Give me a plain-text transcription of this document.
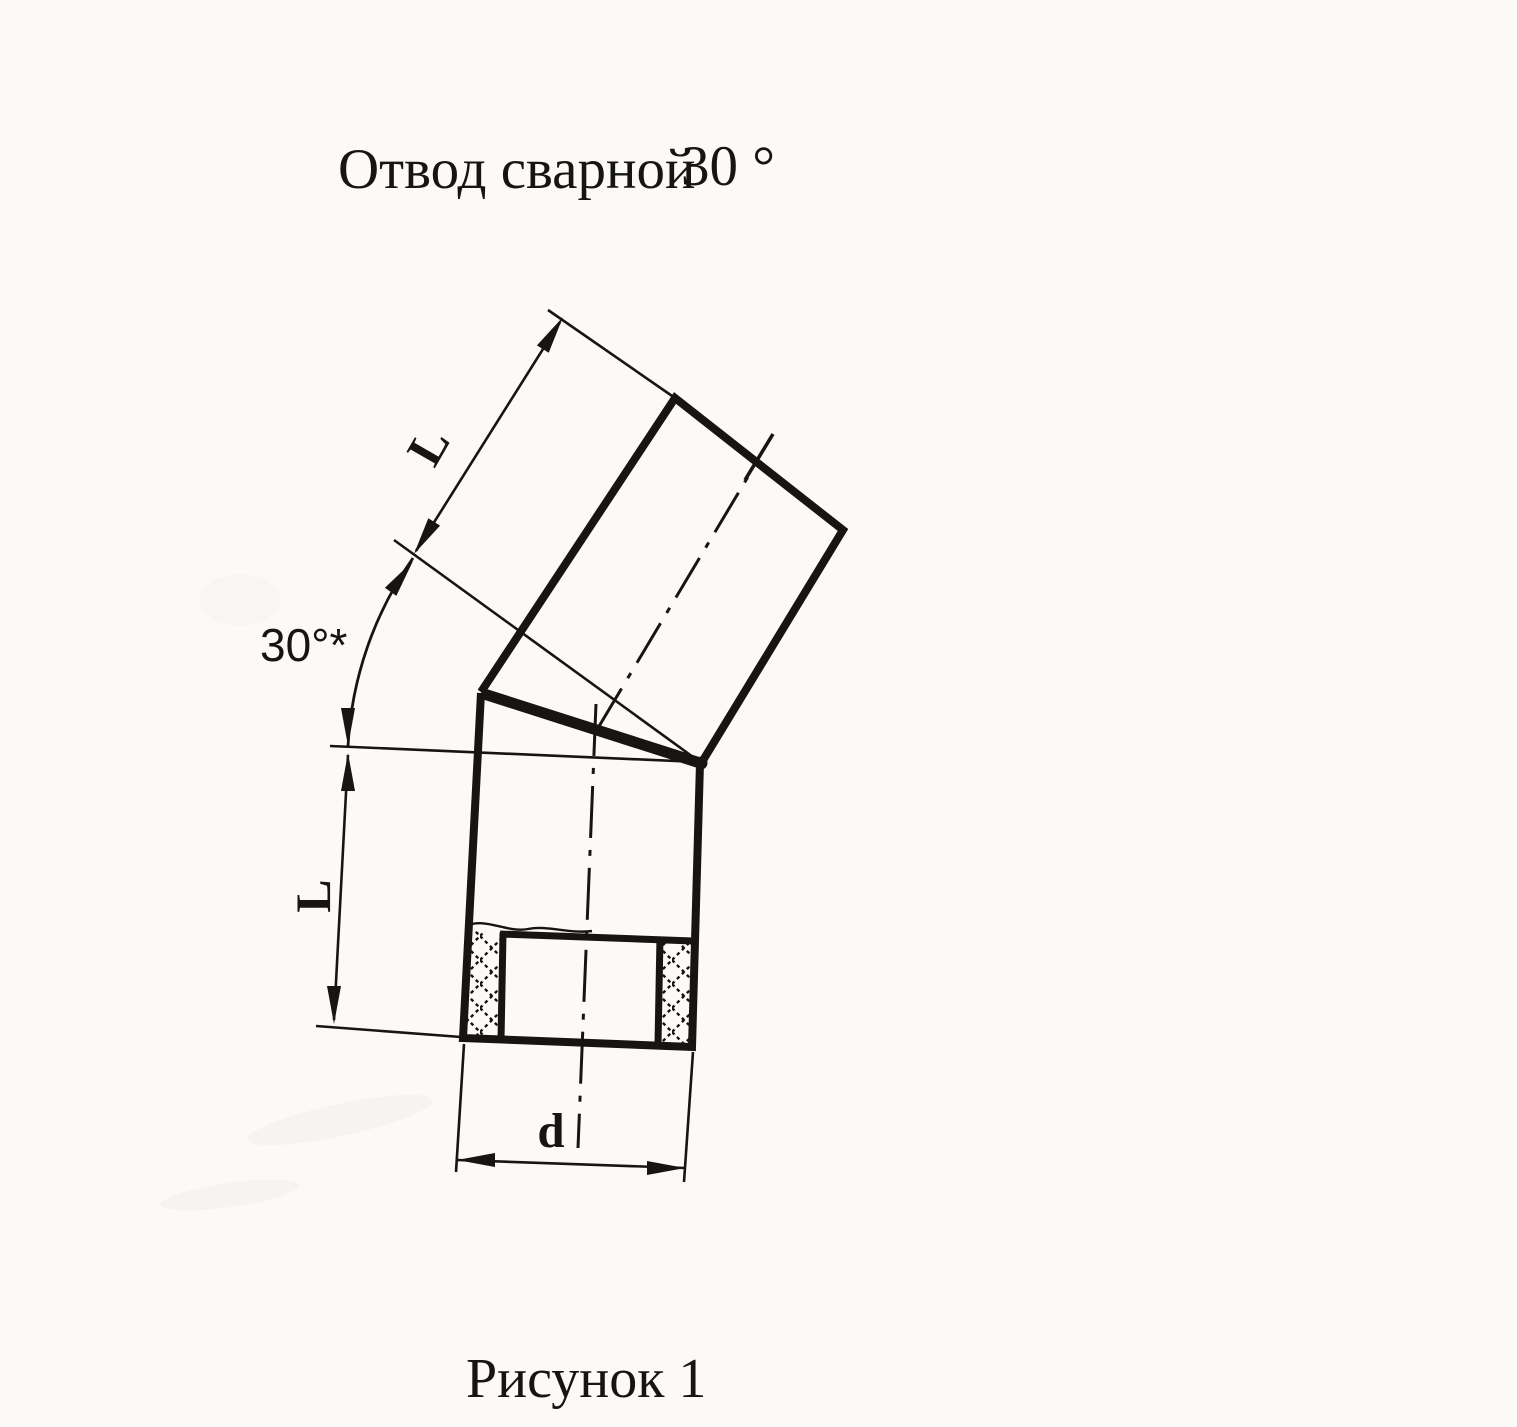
Отвод сварной
30 °
30°*
L
L
d
Рисунок 1
